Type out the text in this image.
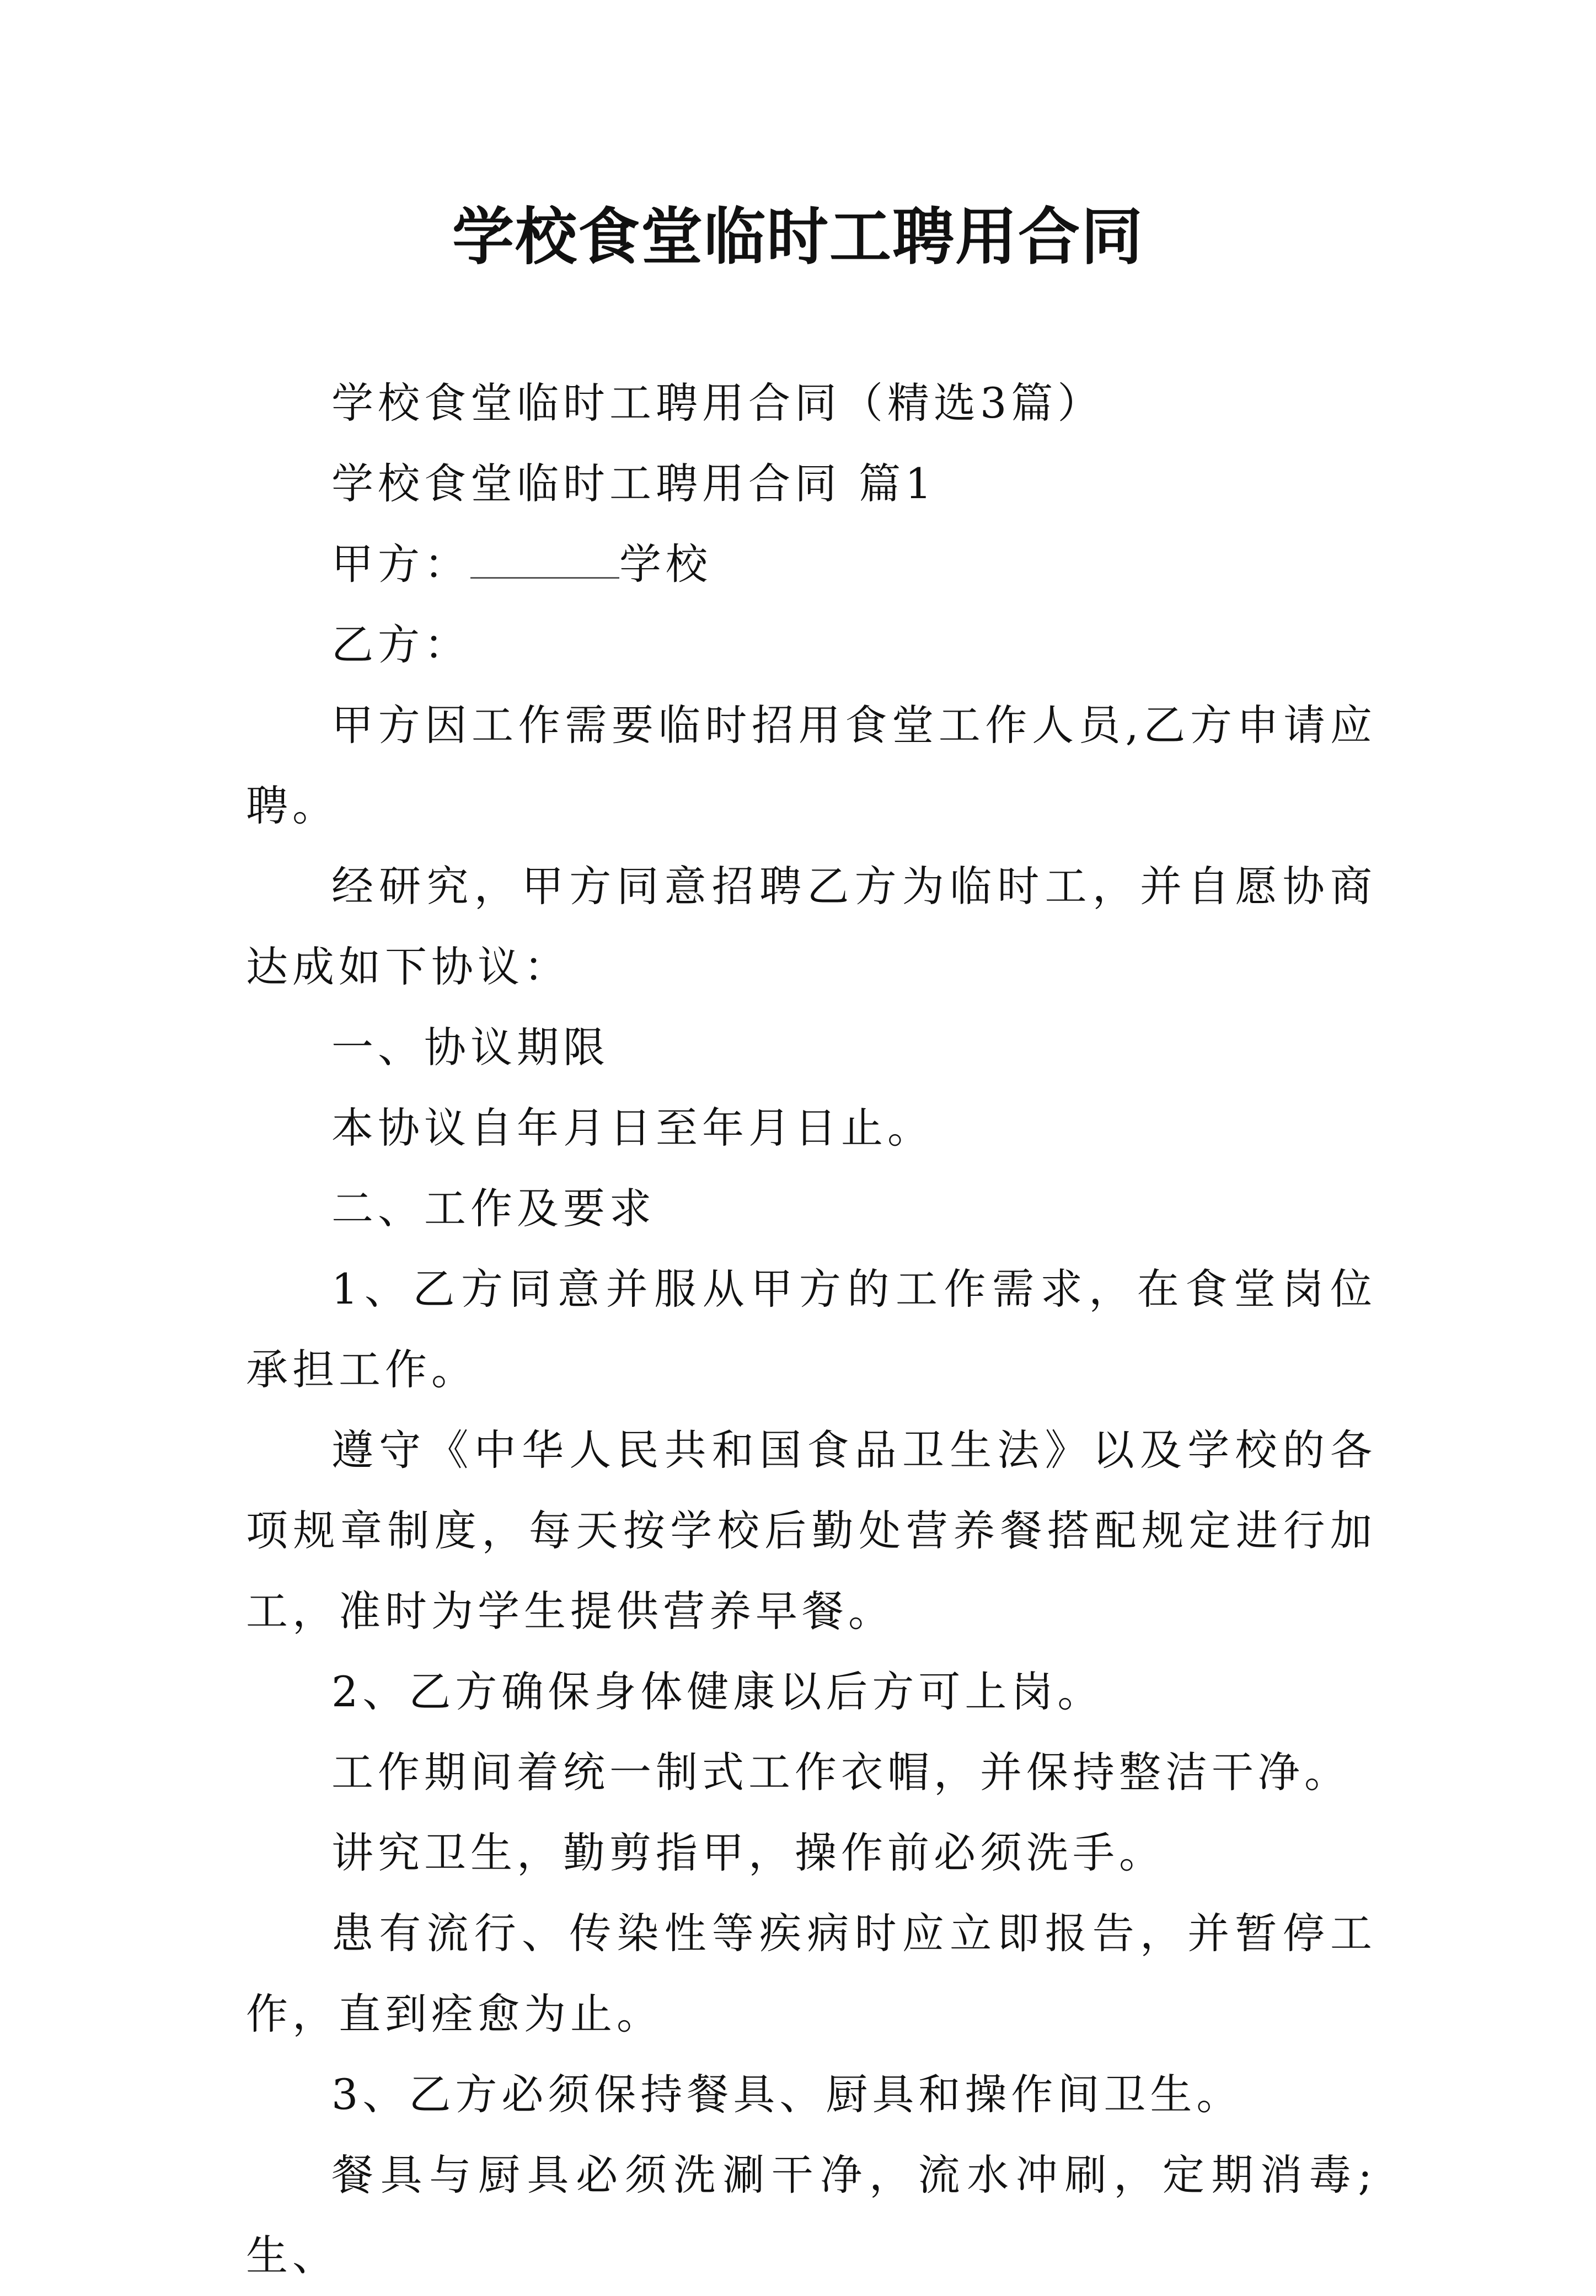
学校食堂临时工聘用合同

学校食堂临时工聘用合同（精选3篇）

学校食堂临时工聘用合同 篇1

甲方：	学校

乙方：

甲方因工作需要临时招用食堂工作人员,乙方申请应聘。

经研究，甲方同意招聘乙方为临时工，并自愿协商达成如下协议：

一、协议期限

本协议自年月日至年月日止。

二、工作及要求

1、乙方同意并服从甲方的工作需求，在食堂岗位承担工作。

遵守《中华人民共和国食品卫生法》以及学校的各项规章制度，每天按学校后勤处营养餐搭配规定进行加工，准时为学生提供营养早餐。

2、乙方确保身体健康以后方可上岗。

工作期间着统一制式工作衣帽，并保持整洁干净。

讲究卫生，勤剪指甲，操作前必须洗手。

患有流行、传染性等疾病时应立即报告，并暂停工作，直到痊愈为止。

3、乙方必须保持餐具、厨具和操作间卫生。

餐具与厨具必须洗涮干净，流水冲刷，定期消毒;生、
